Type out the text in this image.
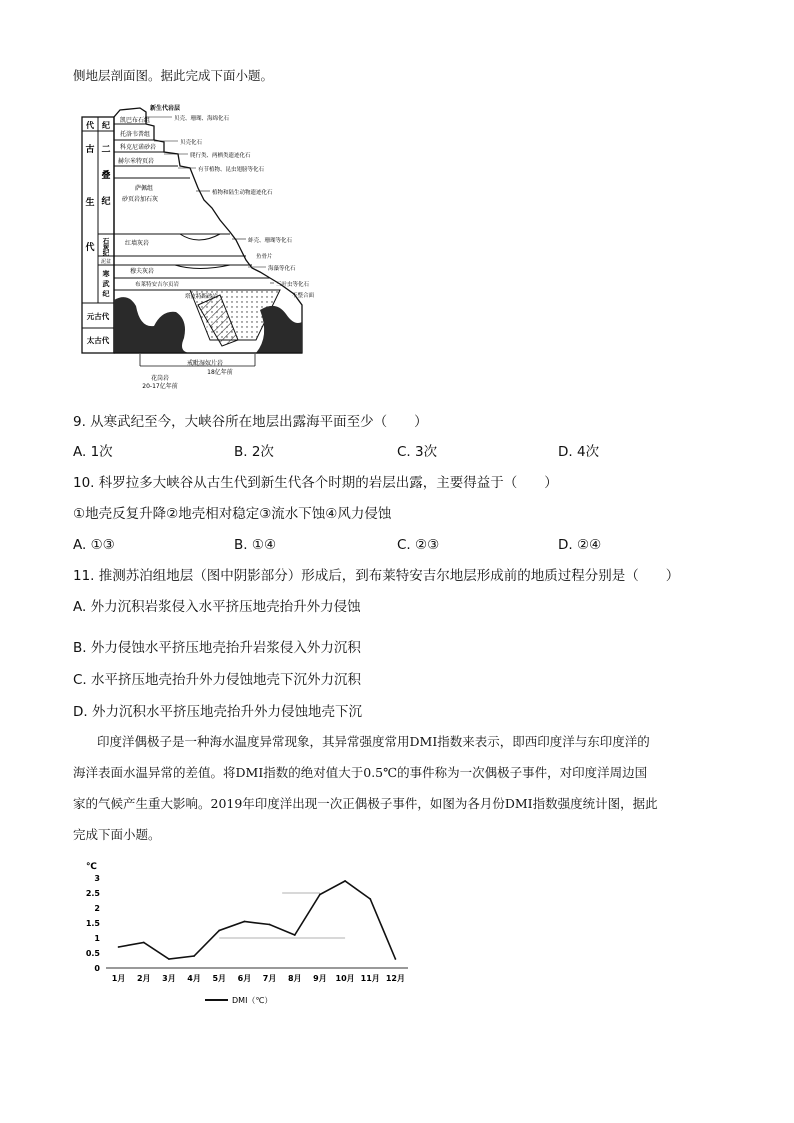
侧地层剖面图。据此完成下面小题。
代 纪
古
生
代
二
叠
纪
石
炭
纪
泥盆
寒
武
纪
元古代
太古代
新生代岩层
凯巴布石组
托洛韦普组
科克尼诺砂岩
赫尔米特页岩
萨佩组
砂页岩加石灰
红墙灰岩
穆夫灰岩
布莱特安吉尔页岩
塔皮特斯砂岩
苏伯组
贝壳、珊瑚、海绵化石
贝壳化石
爬行类、两栖类遗迹化石
有节植物、昆虫翅膀等化石
植物和陆生动物遗迹化石
蚌壳、珊瑚等化石
鱼骨片
海藻等化石
三叶虫等化石
不整合面
戒毗湿奴片岩
18亿年前
花岗岩
20-17亿年前
9. 从寒武纪至今，大峡谷所在地层出露海平面至少（　　）
A. 1次	B. 2次	C. 3次	D. 4次
10. 科罗拉多大峡谷从古生代到新生代各个时期的岩层出露，主要得益于（　　）
①地壳反复升降②地壳相对稳定③流水下蚀④风力侵蚀
A. ①③	B. ①④	C. ②③	D. ②④
11. 推测苏泊组地层（图中阴影部分）形成后，到布莱特安吉尔地层形成前的地质过程分别是（　　）
A. 外力沉积岩浆侵入水平挤压地壳抬升外力侵蚀
B. 外力侵蚀水平挤压地壳抬升岩浆侵入外力沉积
C. 水平挤压地壳抬升外力侵蚀地壳下沉外力沉积
D. 外力沉积水平挤压地壳抬升外力侵蚀地壳下沉
印度洋偶极子是一种海水温度异常现象，其异常强度常用DMI指数来表示，即西印度洋与东印度洋的
海洋表面水温异常的差值。将DMI指数的绝对值大于0.5℃的事件称为一次偶极子事件，对印度洋周边国
家的气候产生重大影响。2019年印度洋出现一次正偶极子事件，如图为各月份DMI指数强度统计图，据此
完成下面小题。
℃
0
0.5
1
1.5
2
2.5
3
1月 2月 3月 4月 5月 6月 7月 8月 9月 10月 11月 12月
DMI（℃）
